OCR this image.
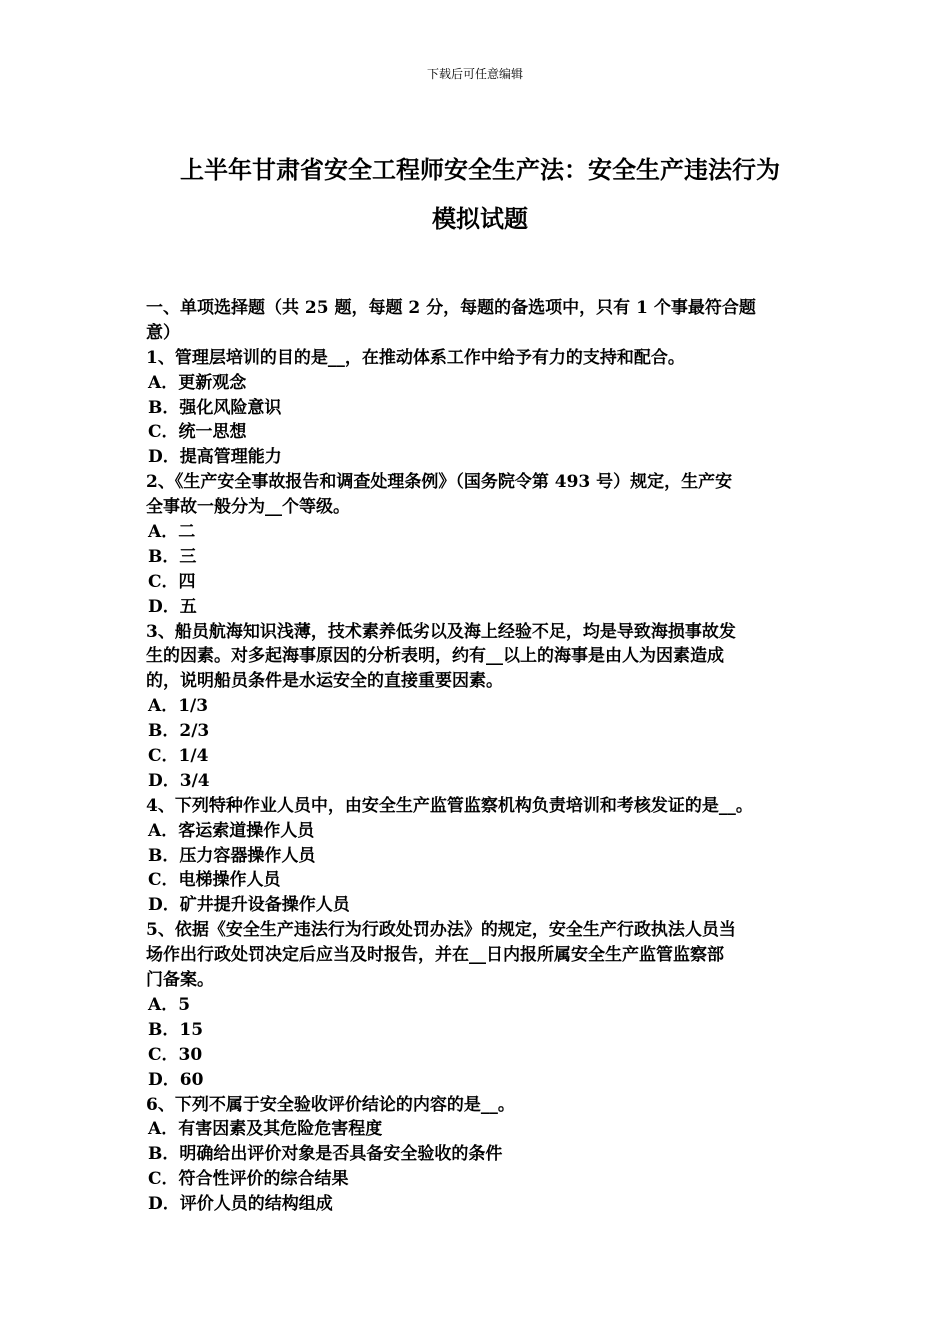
下载后可任意编辑
上半年甘肃省安全工程师安全生产法：安全生产违法行为
模拟试题
一、单项选择题（共 25 题，每题 2 分，每题的备选项中，只有 1 个事最符合题
意）
1、管理层培训的目的是__，在推动体系工作中给予有力的支持和配合。
A．更新观念
B．强化风险意识
C．统一思想
D．提高管理能力
2、《生产安全事故报告和调查处理条例》（国务院令第 493 号）规定，生产安
全事故一般分为__个等级。
A．二
B．三
C．四
D．五
3、船员航海知识浅薄，技术素养低劣以及海上经验不足，均是导致海损事故发
生的因素。对多起海事原因的分析表明，约有__以上的海事是由人为因素造成
的，说明船员条件是水运安全的直接重要因素。
A．1/3
B．2/3
C．1/4
D．3/4
4、下列特种作业人员中，由安全生产监管监察机构负责培训和考核发证的是__。
A．客运索道操作人员
B．压力容器操作人员
C．电梯操作人员
D．矿井提升设备操作人员
5、依据《安全生产违法行为行政处罚办法》的规定，安全生产行政执法人员当
场作出行政处罚决定后应当及时报告，并在__日内报所属安全生产监管监察部
门备案。
A．5
B．15
C．30
D．60
6、下列不属于安全验收评价结论的内容的是__。
A．有害因素及其危险危害程度
B．明确给出评价对象是否具备安全验收的条件
C．符合性评价的综合结果
D．评价人员的结构组成
